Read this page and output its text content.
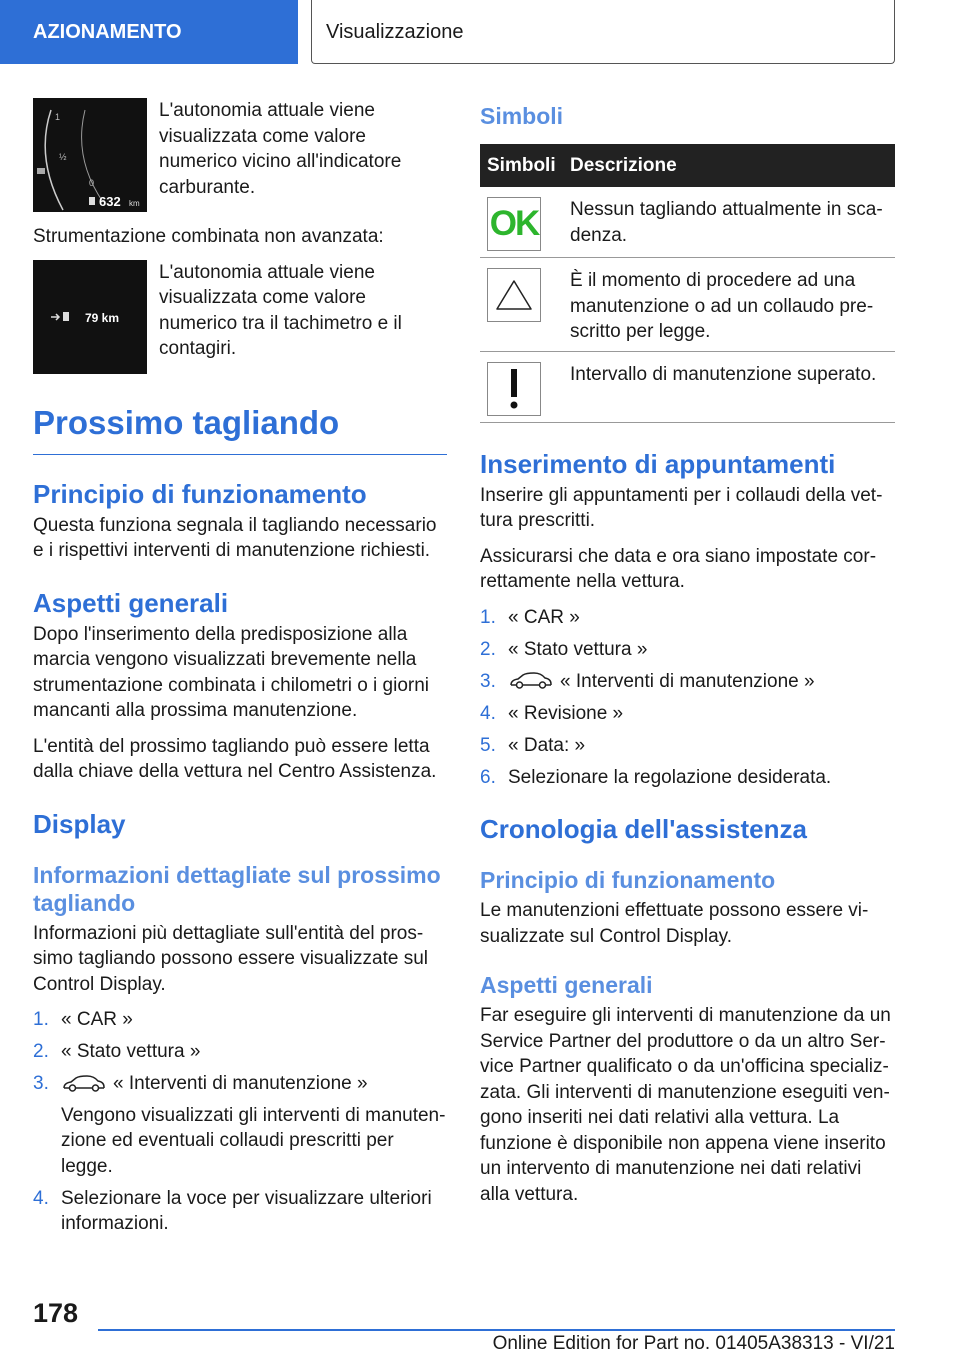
AZIONAMENTO	Visualizzazione
1
½
0
632 km

L'autonomia attuale viene visualizzata come valore numerico vicino all'indicatore carburante.

Strumentazione combinata non avanzata:

79 km

L'autonomia attuale viene visualizzata come valore numerico tra il tachimetro e il contagiri.

Prossimo tagliando
Principio di funzionamento

Questa funziona segnala il tagliando necessario e i rispettivi interventi di manutenzione richiesti.

Aspetti generali

Dopo l'inserimento della predisposizione alla marcia vengono visualizzati brevemente nella strumentazione combinata i chilometri o i giorni mancanti alla prossima manutenzione.

L'entità del prossimo tagliando può essere letta dalla chiave della vettura nel Centro Assistenza.

Display
Informazioni dettagliate sul prossimo tagliando

Informazioni più dettagliate sull'entità del prossimo tagliando possono essere visualizzate sul Control Display.

1. « CAR »
2. « Stato vettura »
3.	« Interventi di manutenzione »
Vengono visualizzati gli interventi di manutenzione ed eventuali collaudi prescritti per legge.
4. Selezionare la voce per visualizzare ulteriori informazioni.
Simboli
Simboli	Descrizione

OK	Nessun tagliando attualmente in scadenza.

	È il momento di procedere ad una manutenzione o ad un collaudo prescritto per legge.

	Intervallo di manutenzione superato.
Inserimento di appuntamenti

Inserire gli appuntamenti per i collaudi della vettura prescritti.

Assicurarsi che data e ora siano impostate correttamente nella vettura.

1. « CAR »
2. « Stato vettura »
3.	« Interventi di manutenzione »
4. « Revisione »
5. « Data: »
6. Selezionare la regolazione desiderata.
Cronologia dell'assistenza
Principio di funzionamento

Le manutenzioni effettuate possono essere visualizzate sul Control Display.

Aspetti generali

Far eseguire gli interventi di manutenzione da un Service Partner del produttore o da un altro Service Partner qualificato o da un'officina specializzata. Gli interventi di manutenzione eseguiti vengono inseriti nei dati relativi alla vettura. La funzione è disponibile non appena viene inserito un intervento di manutenzione nei dati relativi alla vettura.

178
Online Edition for Part no. 01405A38313 - VI/21
